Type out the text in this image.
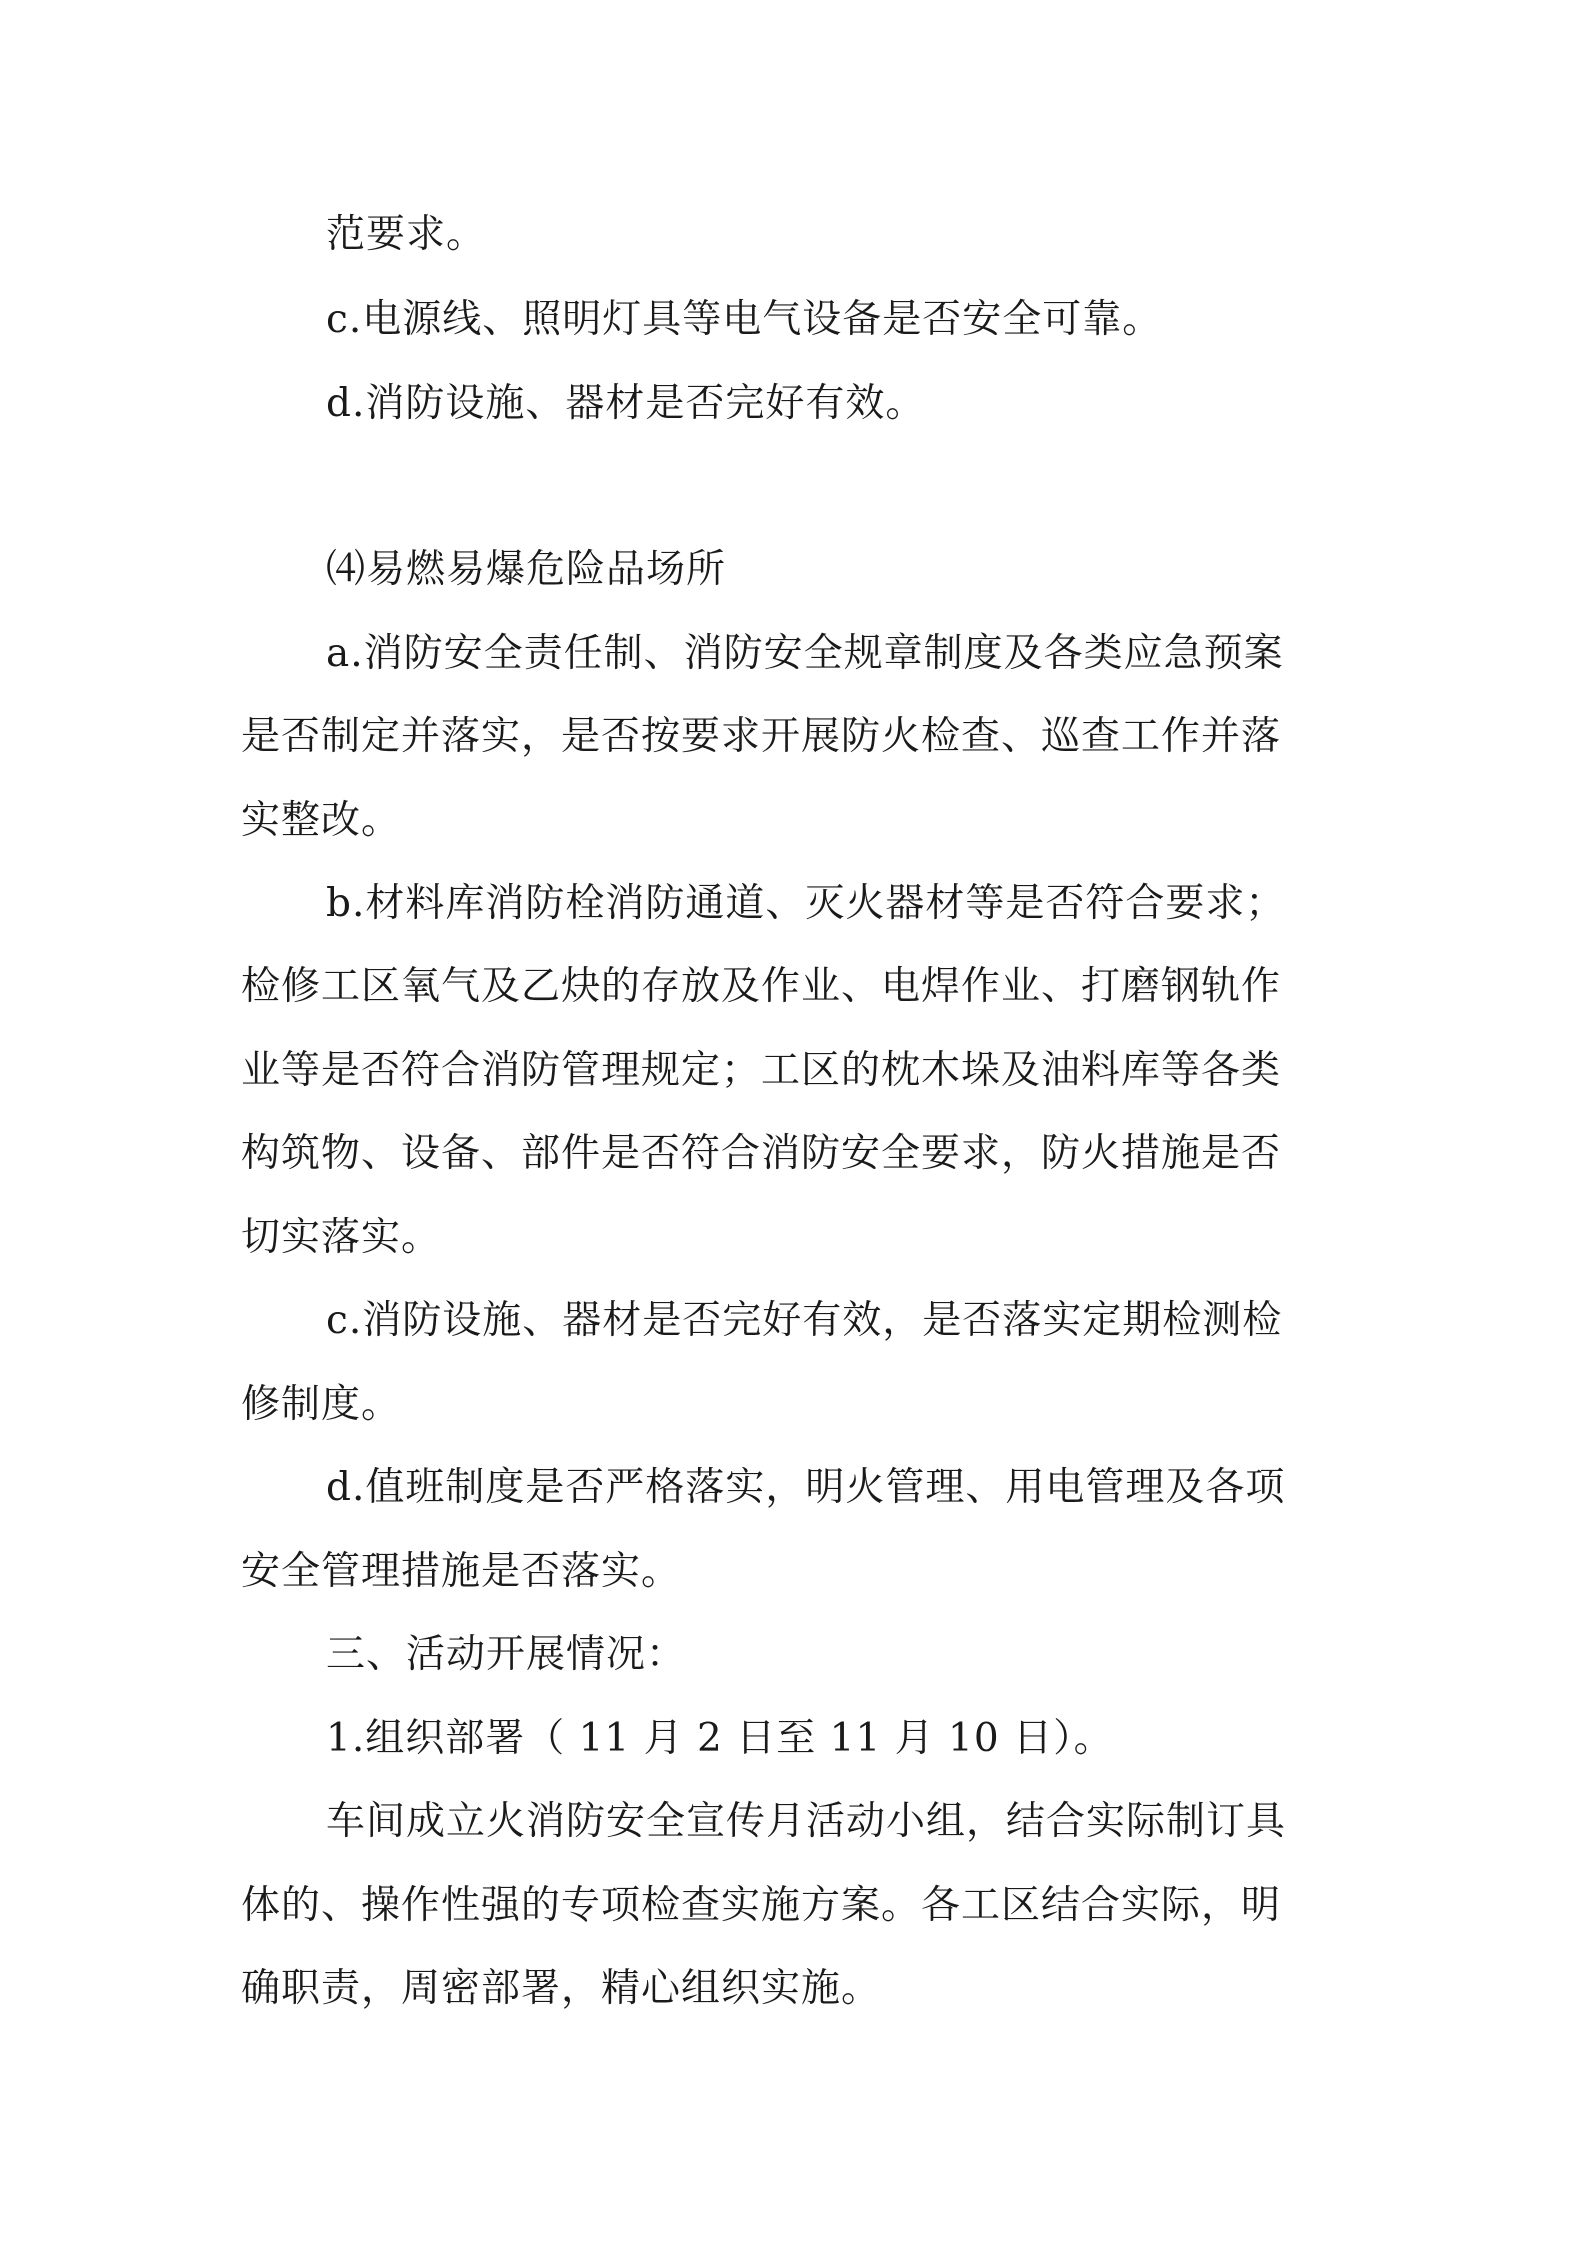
范要求。
c.电源线、照明灯具等电气设备是否安全可靠。
d.消防设施、器材是否完好有效。
⑷易燃易爆危险品场所
a.消防安全责任制、消防安全规章制度及各类应急预案
是否制定并落实，是否按要求开展防火检查、巡查工作并落
实整改。
b.材料库消防栓消防通道、灭火器材等是否符合要求；
检修工区氧气及乙炔的存放及作业、电焊作业、打磨钢轨作
业等是否符合消防管理规定；工区的枕木垛及油料库等各类
构筑物、设备、部件是否符合消防安全要求，防火措施是否
切实落实。
c.消防设施、器材是否完好有效，是否落实定期检测检
修制度。
d.值班制度是否严格落实，明火管理、用电管理及各项
安全管理措施是否落实。
三、活动开展情况：
1.组织部署（ 11 月 2 日至 11 月 10 日）。
车间成立火消防安全宣传月活动小组，结合实际制订具
体的、操作性强的专项检查实施方案。各工区结合实际，明
确职责，周密部署，精心组织实施。
